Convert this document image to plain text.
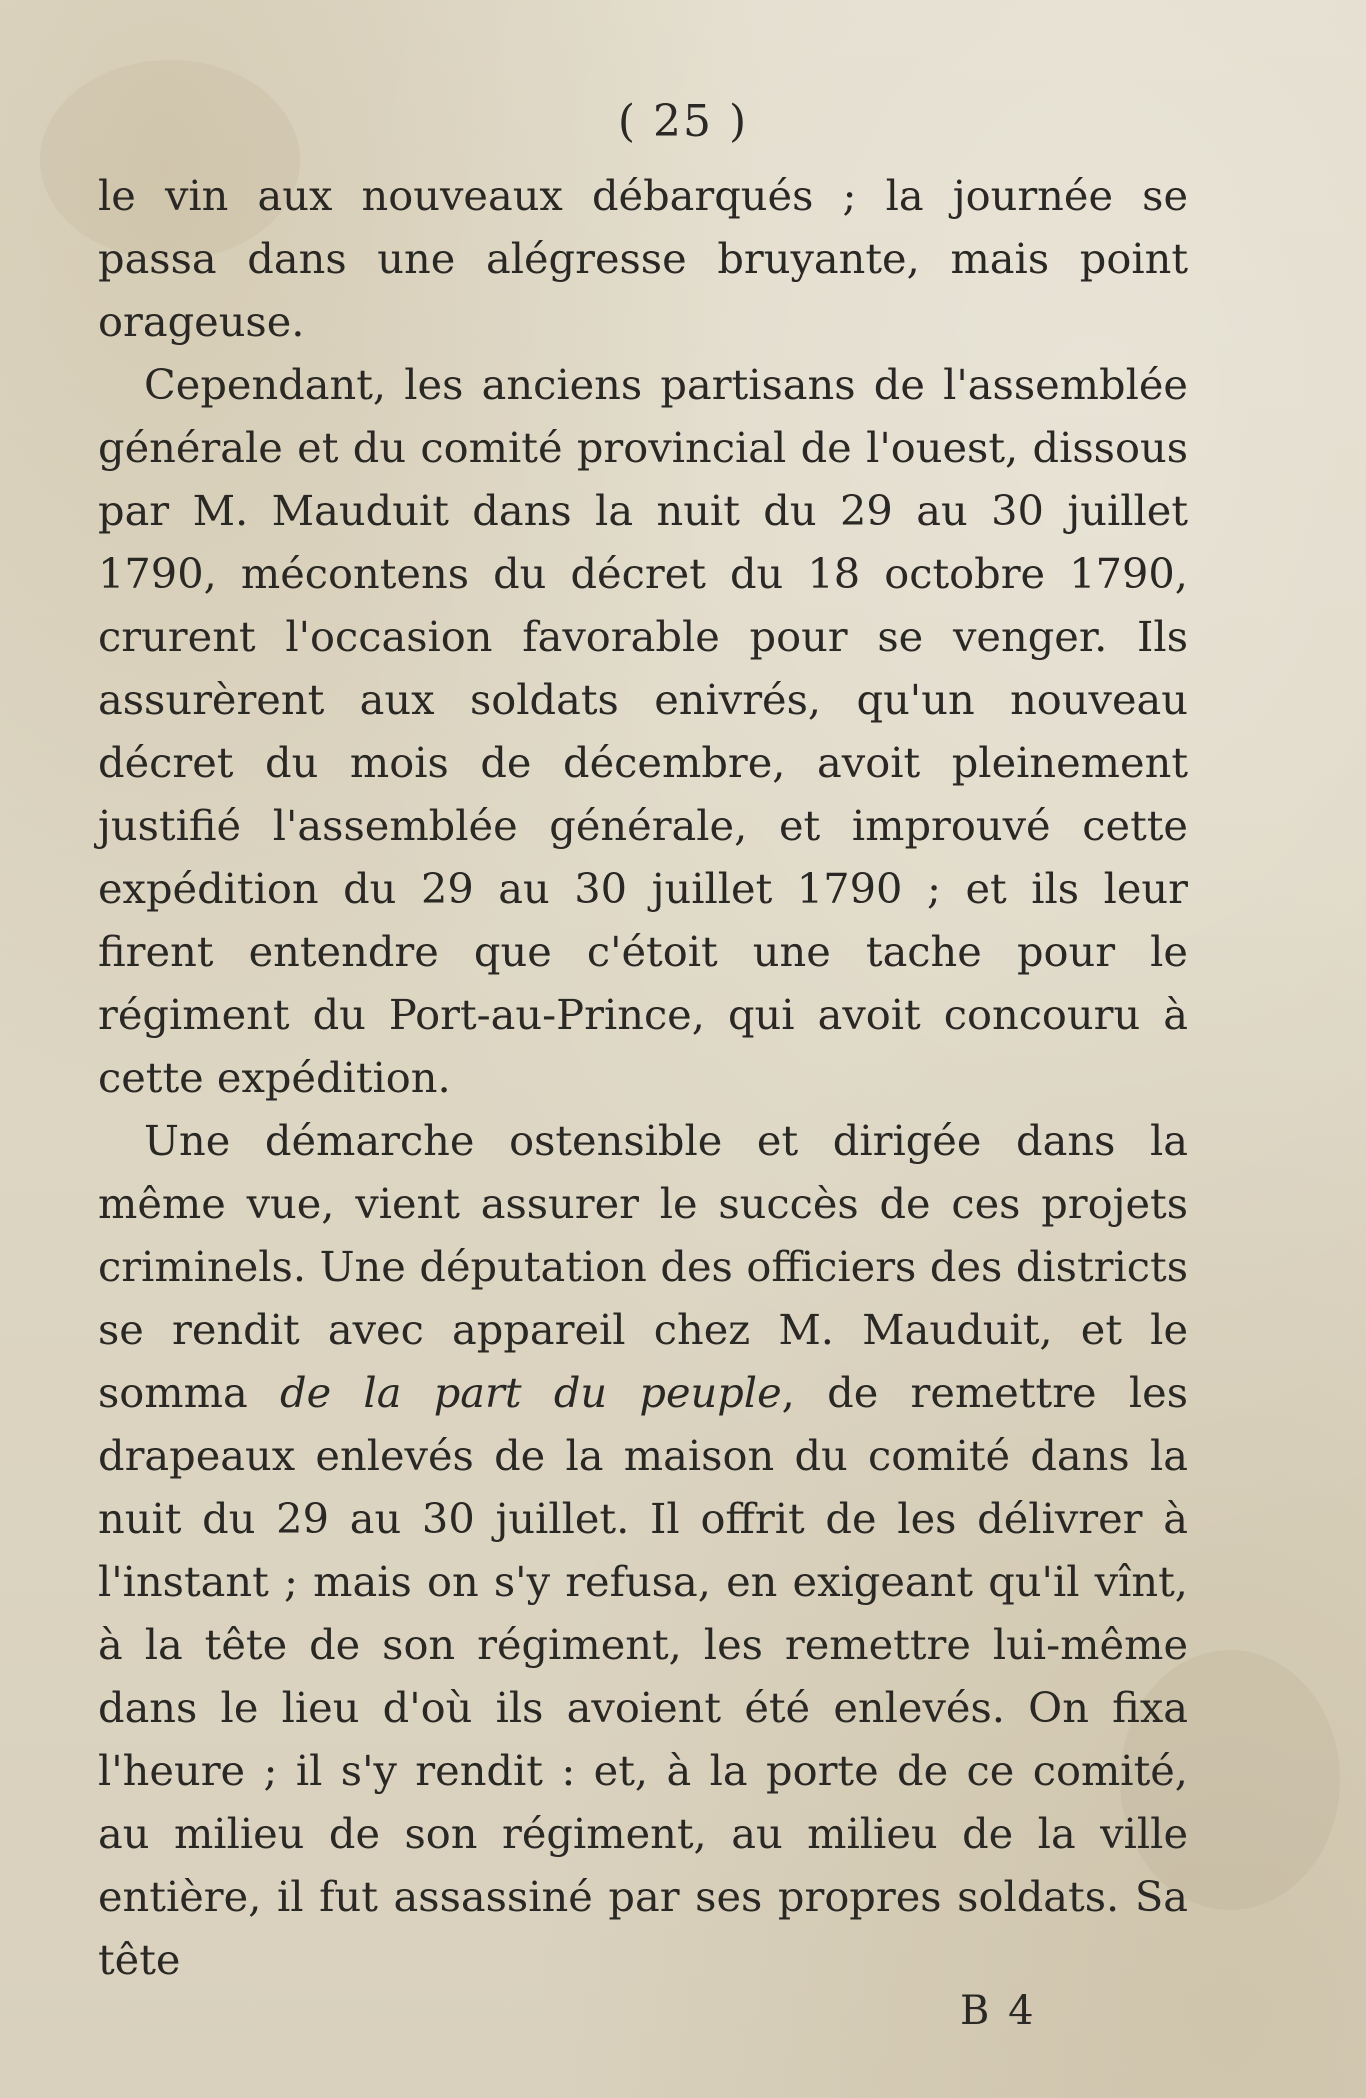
( 25 )

le vin aux nouveaux débarqués ; la journée se passa dans une alégresse bruyante, mais point orageuse.

Cependant, les anciens partisans de l'assemblée générale et du comité provincial de l'ouest, dissous par M. Mauduit dans la nuit du 29 au 30 juillet 1790, mécontens du décret du 18 octobre 1790, crurent l'occasion favorable pour se venger. Ils assurèrent aux soldats enivrés, qu'un nouveau décret du mois de décembre, avoit pleinement justifié l'assemblée générale, et improuvé cette expédition du 29 au 30 juillet 1790 ; et ils leur firent entendre que c'étoit une tache pour le régiment du Port-au-Prince, qui avoit concouru à cette expédition.

Une démarche ostensible et dirigée dans la même vue, vient assurer le succès de ces projets criminels. Une députation des officiers des districts se rendit avec appareil chez M. Mauduit, et le somma de la part du peuple, de remettre les drapeaux enlevés de la maison du comité dans la nuit du 29 au 30 juillet. Il offrit de les délivrer à l'instant ; mais on s'y refusa, en exigeant qu'il vînt, à la tête de son régiment, les remettre lui-même dans le lieu d'où ils avoient été enlevés. On fixa l'heure ; il s'y rendit : et, à la porte de ce comité, au milieu de son régiment, au milieu de la ville entière, il fut assassiné par ses propres soldats. Sa tête

B 4
